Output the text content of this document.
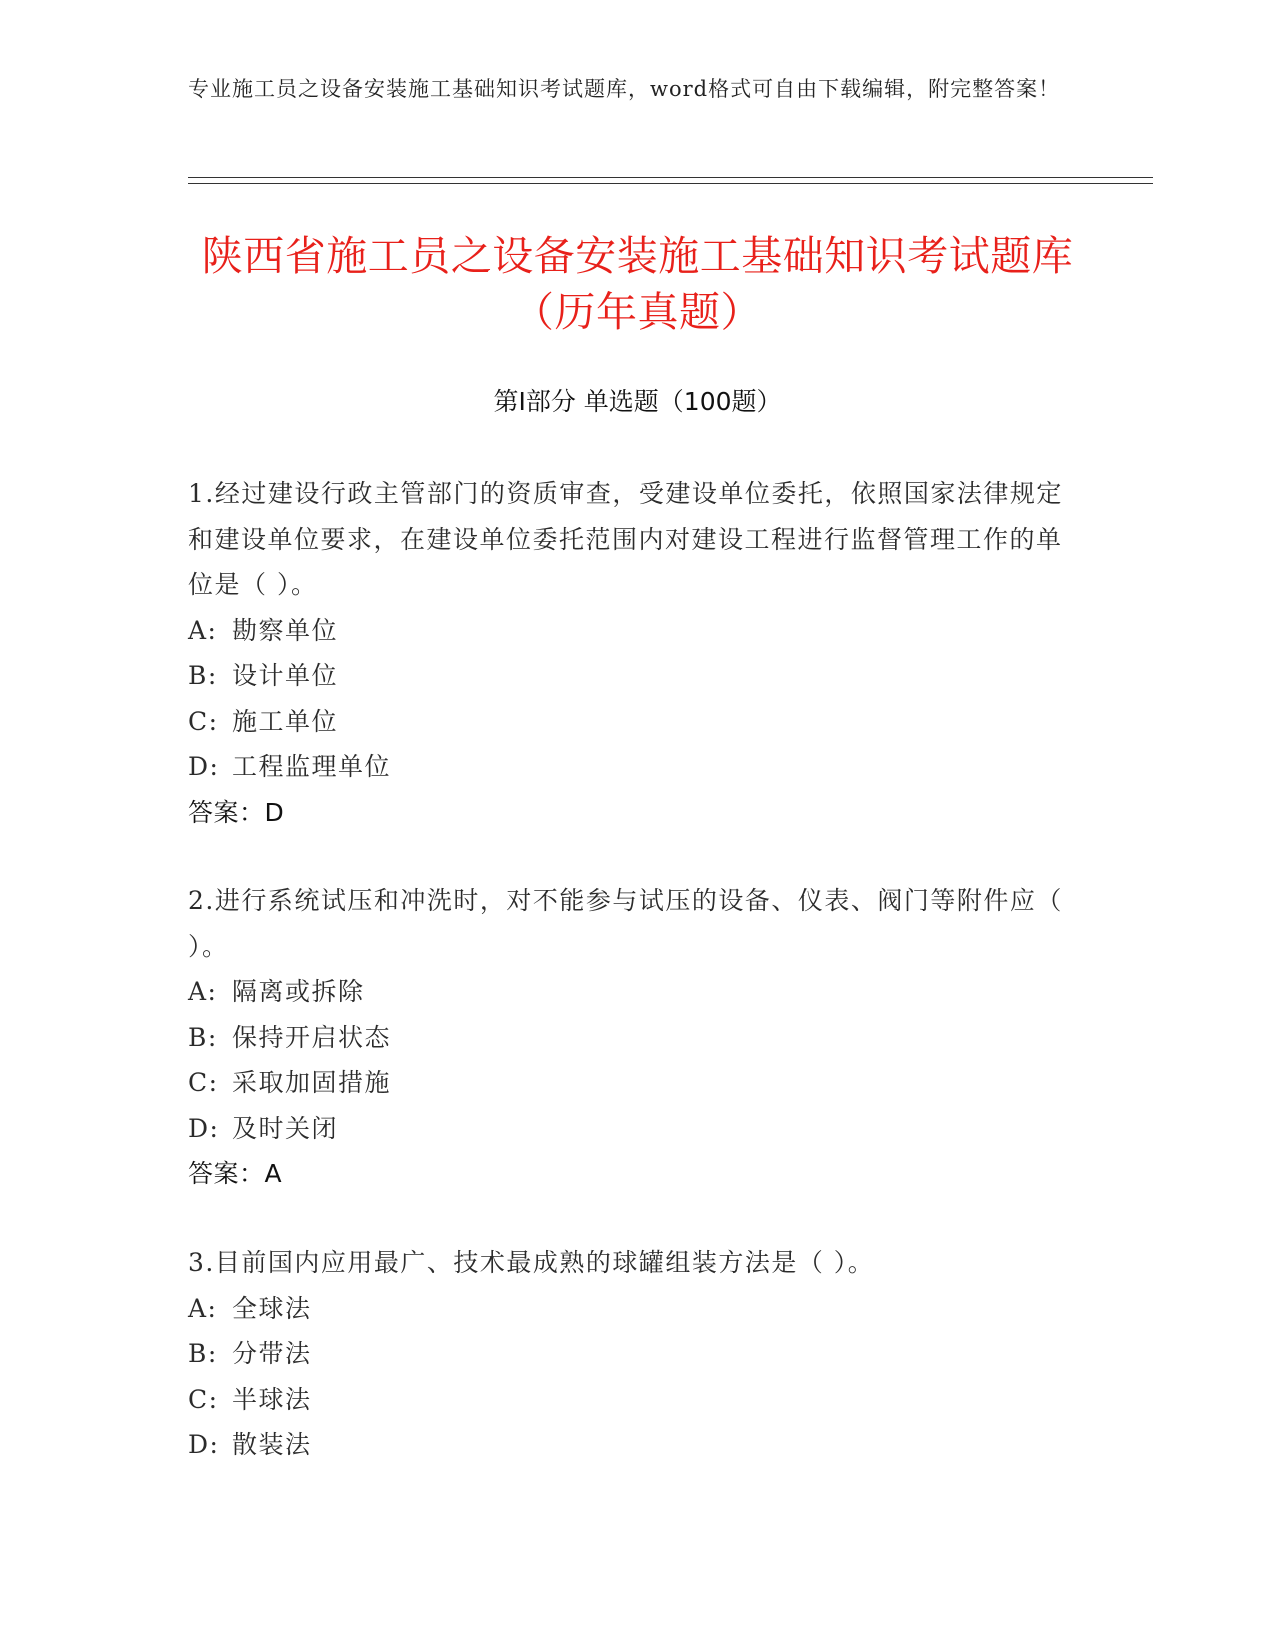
专业施工员之设备安装施工基础知识考试题库，word格式可自由下载编辑，附完整答案！
陕西省施工员之设备安装施工基础知识考试题库（历年真题）
第Ⅰ部分 单选题（100题）
1.经过建设行政主管部门的资质审查，受建设单位委托，依照国家法律规定和建设单位要求，在建设单位委托范围内对建设工程进行监督管理工作的单位是（ ）。
A: 勘察单位
B: 设计单位
C: 施工单位
D: 工程监理单位
答案：D
2.进行系统试压和冲洗时，对不能参与试压的设备、仪表、阀门等附件应（ ）。
A: 隔离或拆除
B: 保持开启状态
C: 采取加固措施
D: 及时关闭
答案：A
3.目前国内应用最广、技术最成熟的球罐组装方法是（ ）。
A: 全球法
B: 分带法
C: 半球法
D: 散装法
